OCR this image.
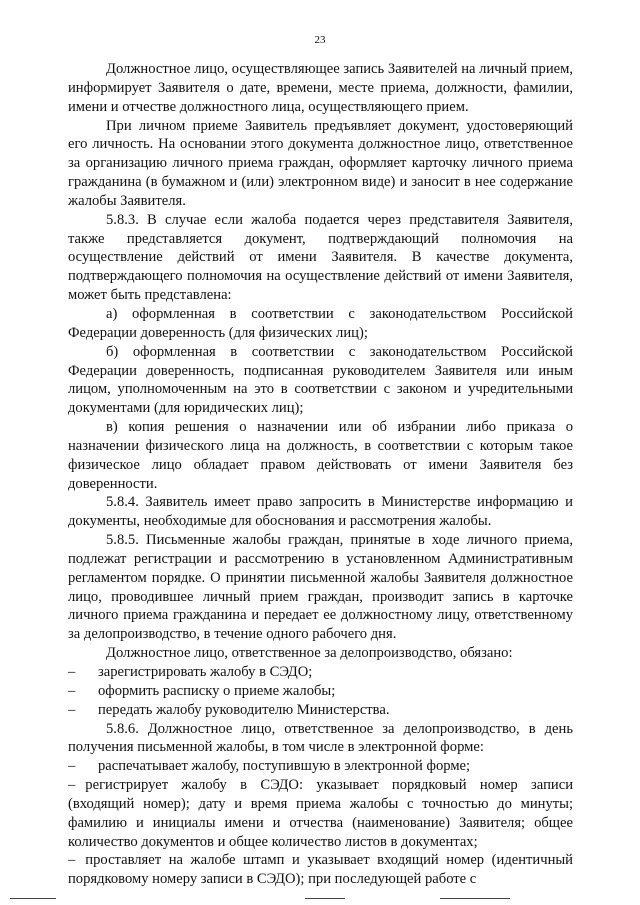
23

Должностное лицо, осуществляющее запись Заявителей на личный прием, информирует Заявителя о дате, времени, месте приема, должности, фамилии, имени и отчестве должностного лица, осуществляющего прием.

При личном приеме Заявитель предъявляет документ, удостоверяющий его личность. На основании этого документа должностное лицо, ответственное за организацию личного приема граждан, оформляет карточку личного приема гражданина (в бумажном и (или) электронном виде) и заносит в нее содержание жалобы Заявителя.

5.8.3. В случае если жалоба подается через представителя Заявителя, также представляется документ, подтверждающий полномочия на осуществление действий от имени Заявителя. В качестве документа, подтверждающего полномочия на осуществление действий от имени Заявителя, может быть представлена:

а) оформленная в соответствии с законодательством Российской Федерации доверенность (для физических лиц);

б) оформленная в соответствии с законодательством Российской Федерации доверенность, подписанная руководителем Заявителя или иным лицом, уполномоченным на это в соответствии с законом и учредительными документами (для юридических лиц);

в) копия решения о назначении или об избрании либо приказа о назначении физического лица на должность, в соответствии с которым такое физическое лицо обладает правом действовать от имени Заявителя без доверенности.

5.8.4. Заявитель имеет право запросить в Министерстве информацию и документы, необходимые для обоснования и рассмотрения жалобы.

5.8.5. Письменные жалобы граждан, принятые в ходе личного приема, подлежат регистрации и рассмотрению в установленном Административным регламентом порядке. О принятии письменной жалобы Заявителя должностное лицо, проводившее личный прием граждан, производит запись в карточке личного приема гражданина и передает ее должностному лицу, ответственному за делопроизводство, в течение одного рабочего дня.

Должностное лицо, ответственное за делопроизводство, обязано:

– зарегистрировать жалобу в СЭДО;

– оформить расписку о приеме жалобы;

– передать жалобу руководителю Министерства.

5.8.6. Должностное лицо, ответственное за делопроизводство, в день получения письменной жалобы, в том числе в электронной форме:

– распечатывает жалобу, поступившую в электронной форме;

– регистрирует жалобу в СЭДО: указывает порядковый номер записи (входящий номер); дату и время приема жалобы с точностью до минуты; фамилию и инициалы имени и отчества (наименование) Заявителя; общее количество документов и общее количество листов в документах;

– проставляет на жалобе штамп и указывает входящий номер (идентичный порядковому номеру записи в СЭДО); при последующей работе с
